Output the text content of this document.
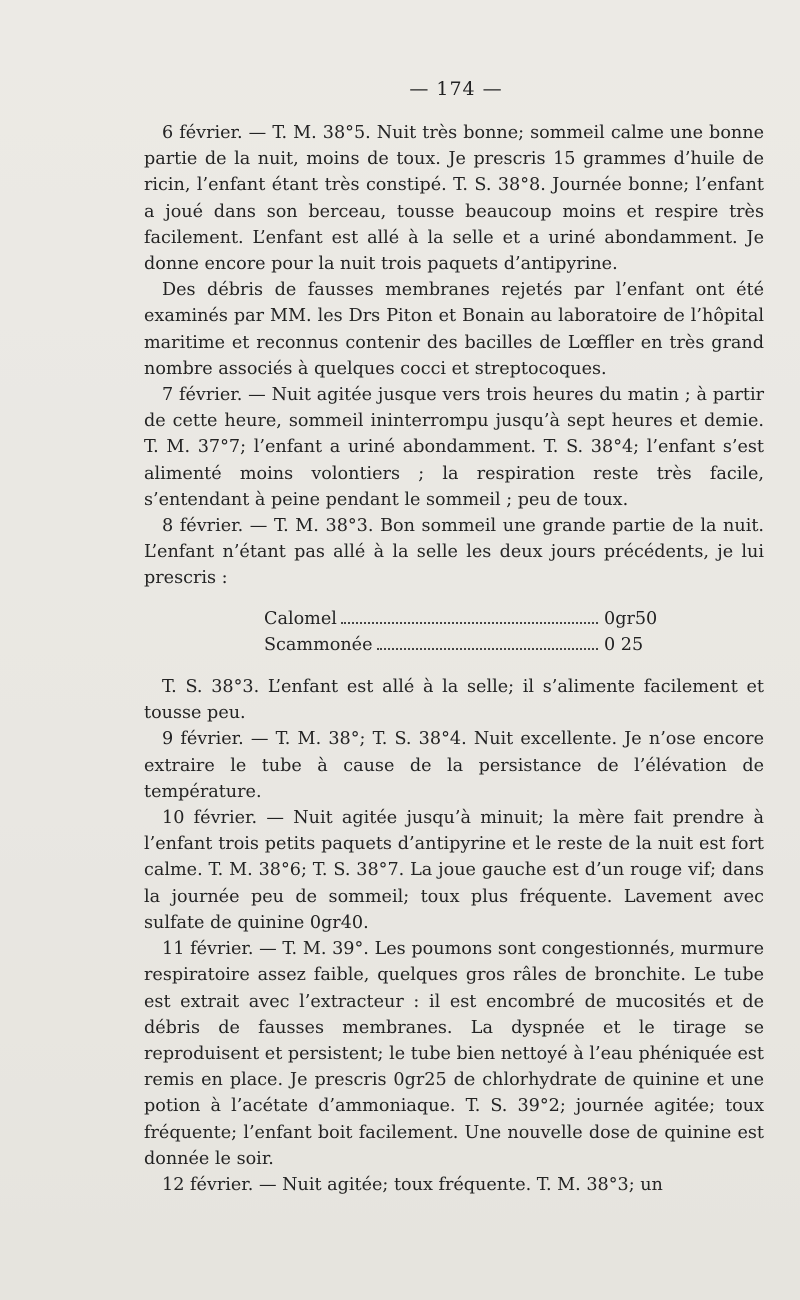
— 174 —

6 février. — T. M. 38°5. Nuit très bonne; sommeil calme une bonne partie de la nuit, moins de toux. Je prescris 15 grammes d’huile de ricin, l’enfant étant très constipé. T. S. 38°8. Journée bonne; l’enfant a joué dans son berceau, tousse beaucoup moins et respire très facilement. L’enfant est allé à la selle et a uriné abondamment. Je donne encore pour la nuit trois paquets d’antipyrine.

Des débris de fausses membranes rejetés par l’enfant ont été examinés par MM. les Drs Piton et Bonain au laboratoire de l’hôpital maritime et reconnus contenir des bacilles de Lœffler en très grand nombre associés à quelques cocci et streptocoques.

7 février. — Nuit agitée jusque vers trois heures du matin ; à partir de cette heure, sommeil ininterrompu jusqu’à sept heures et demie. T. M. 37°7; l’enfant a uriné abondamment. T. S. 38°4; l’enfant s’est alimenté moins volontiers ; la respiration reste très facile, s’entendant à peine pendant le sommeil ; peu de toux.

8 février. — T. M. 38°3. Bon sommeil une grande partie de la nuit. L’enfant n’étant pas allé à la selle les deux jours précédents, je lui prescris :

Calomel	0gr50
Scammonée	0 25

T. S. 38°3. L’enfant est allé à la selle; il s’alimente facilement et tousse peu.

9 février. — T. M. 38°; T. S. 38°4. Nuit excellente. Je n’ose encore extraire le tube à cause de la persistance de l’élévation de température.

10 février. — Nuit agitée jusqu’à minuit; la mère fait prendre à l’enfant trois petits paquets d’antipyrine et le reste de la nuit est fort calme. T. M. 38°6; T. S. 38°7. La joue gauche est d’un rouge vif; dans la journée peu de sommeil; toux plus fréquente. Lavement avec sulfate de quinine 0gr40.

11 février. — T. M. 39°. Les poumons sont congestionnés, murmure respiratoire assez faible, quelques gros râles de bronchite. Le tube est extrait avec l’extracteur : il est encombré de mucosités et de débris de fausses membranes. La dyspnée et le tirage se reproduisent et persistent; le tube bien nettoyé à l’eau phéniquée est remis en place. Je prescris 0gr25 de chlorhydrate de quinine et une potion à l’acétate d’ammoniaque. T. S. 39°2; journée agitée; toux fréquente; l’enfant boit facilement. Une nouvelle dose de quinine est donnée le soir.

12 février. — Nuit agitée; toux fréquente. T. M. 38°3; un
